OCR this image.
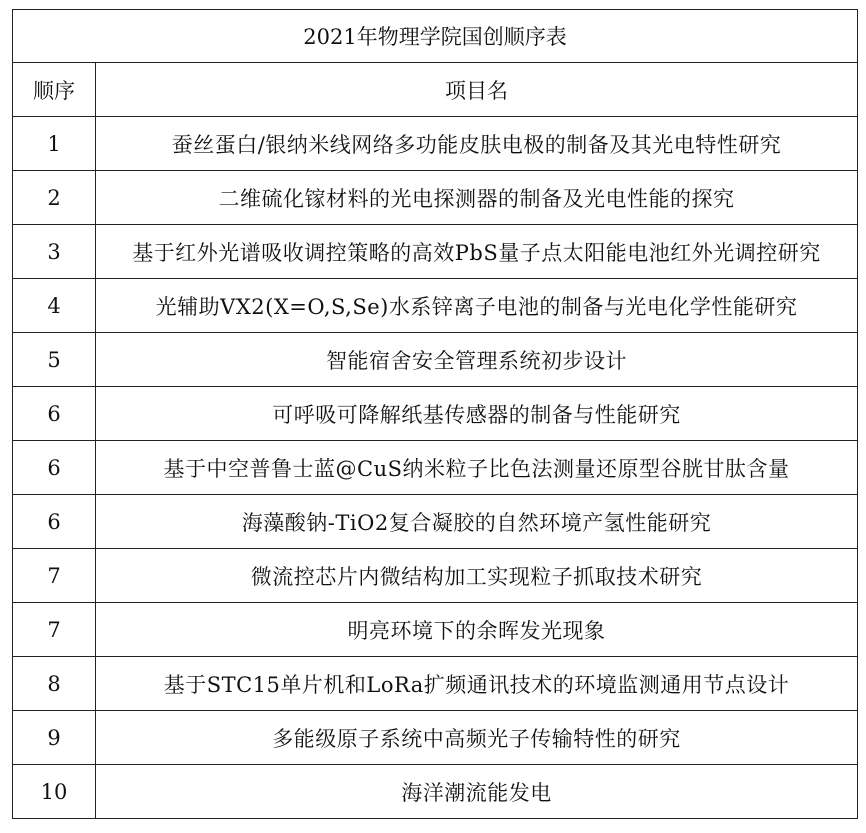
2021年物理学院国创顺序表	
顺序	项目名
1	蚕丝蛋白/银纳米线网络多功能皮肤电极的制备及其光电特性研究
2	二维硫化镓材料的光电探测器的制备及光电性能的探究
3	基于红外光谱吸收调控策略的高效PbS量子点太阳能电池红外光调控研究
4	光辅助VX2(X=O,S,Se)水系锌离子电池的制备与光电化学性能研究
5	智能宿舍安全管理系统初步设计
6	可呼吸可降解纸基传感器的制备与性能研究
6	基于中空普鲁士蓝@CuS纳米粒子比色法测量还原型谷胱甘肽含量
6	海藻酸钠-TiO2复合凝胶的自然环境产氢性能研究
7	微流控芯片内微结构加工实现粒子抓取技术研究
7	明亮环境下的余晖发光现象
8	基于STC15单片机和LoRa扩频通讯技术的环境监测通用节点设计
9	多能级原子系统中高频光子传输特性的研究
10	海洋潮流能发电
